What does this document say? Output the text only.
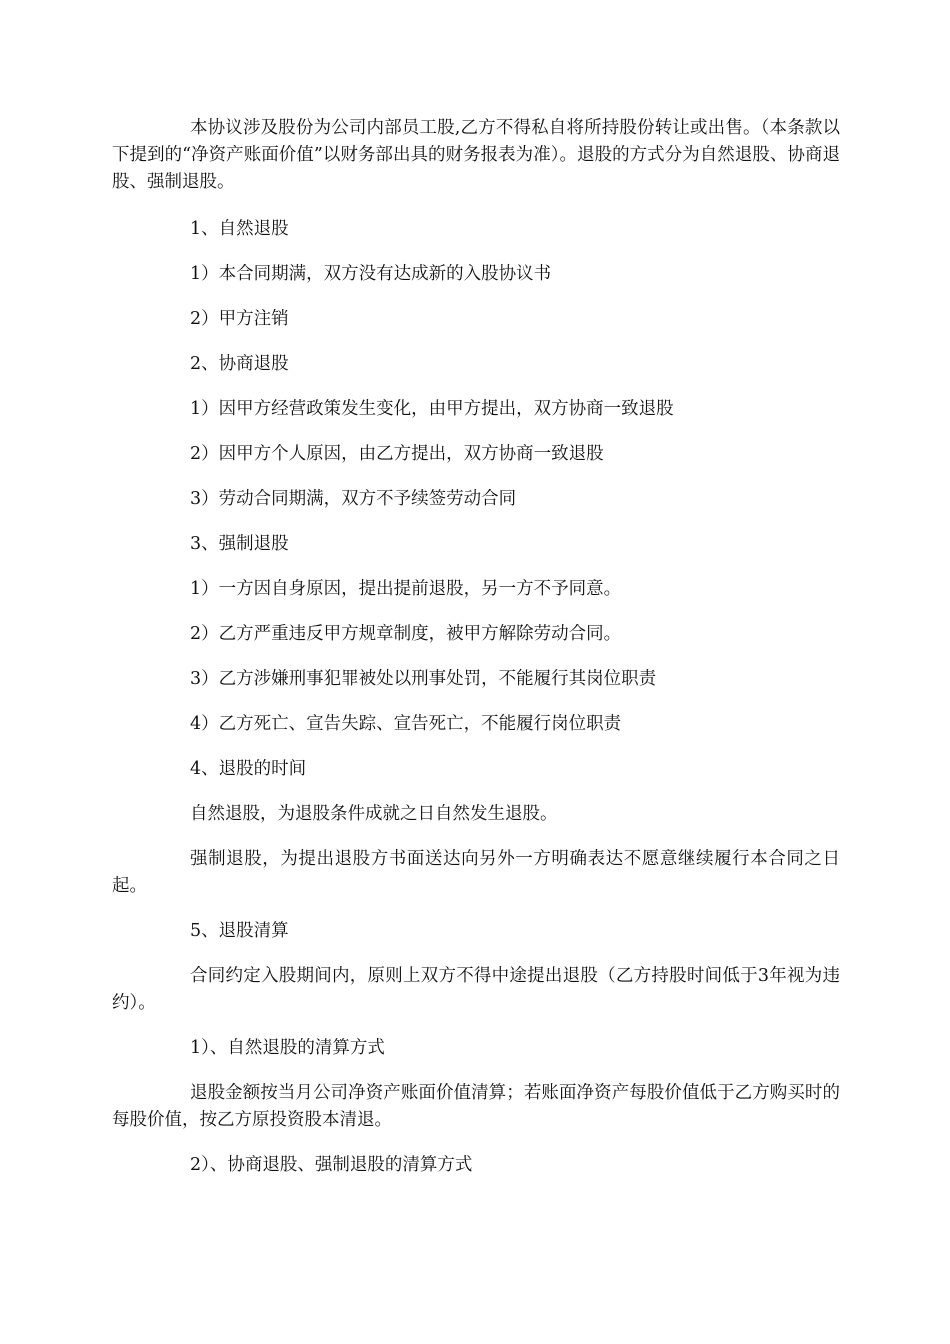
本协议涉及股份为公司内部员工股,乙方不得私自将所持股份转让或出售。（本条款以下提到的“净资产账面价值”以财务部出具的财务报表为准）。退股的方式分为自然退股、协商退股、强制退股。

1、自然退股

1）本合同期满，双方没有达成新的入股协议书

2）甲方注销

2、协商退股

1）因甲方经营政策发生变化，由甲方提出，双方协商一致退股

2）因甲方个人原因，由乙方提出，双方协商一致退股

3）劳动合同期满，双方不予续签劳动合同

3、强制退股

1）一方因自身原因，提出提前退股，另一方不予同意。

2）乙方严重违反甲方规章制度，被甲方解除劳动合同。

3）乙方涉嫌刑事犯罪被处以刑事处罚，不能履行其岗位职责

4）乙方死亡、宣告失踪、宣告死亡，不能履行岗位职责

4、退股的时间

自然退股，为退股条件成就之日自然发生退股。

强制退股，为提出退股方书面送达向另外一方明确表达不愿意继续履行本合同之日起。

5、退股清算

合同约定入股期间内，原则上双方不得中途提出退股（乙方持股时间低于3年视为违约）。

1）、自然退股的清算方式

退股金额按当月公司净资产账面价值清算；若账面净资产每股价值低于乙方购买时的每股价值，按乙方原投资股本清退。

2）、协商退股、强制退股的清算方式
